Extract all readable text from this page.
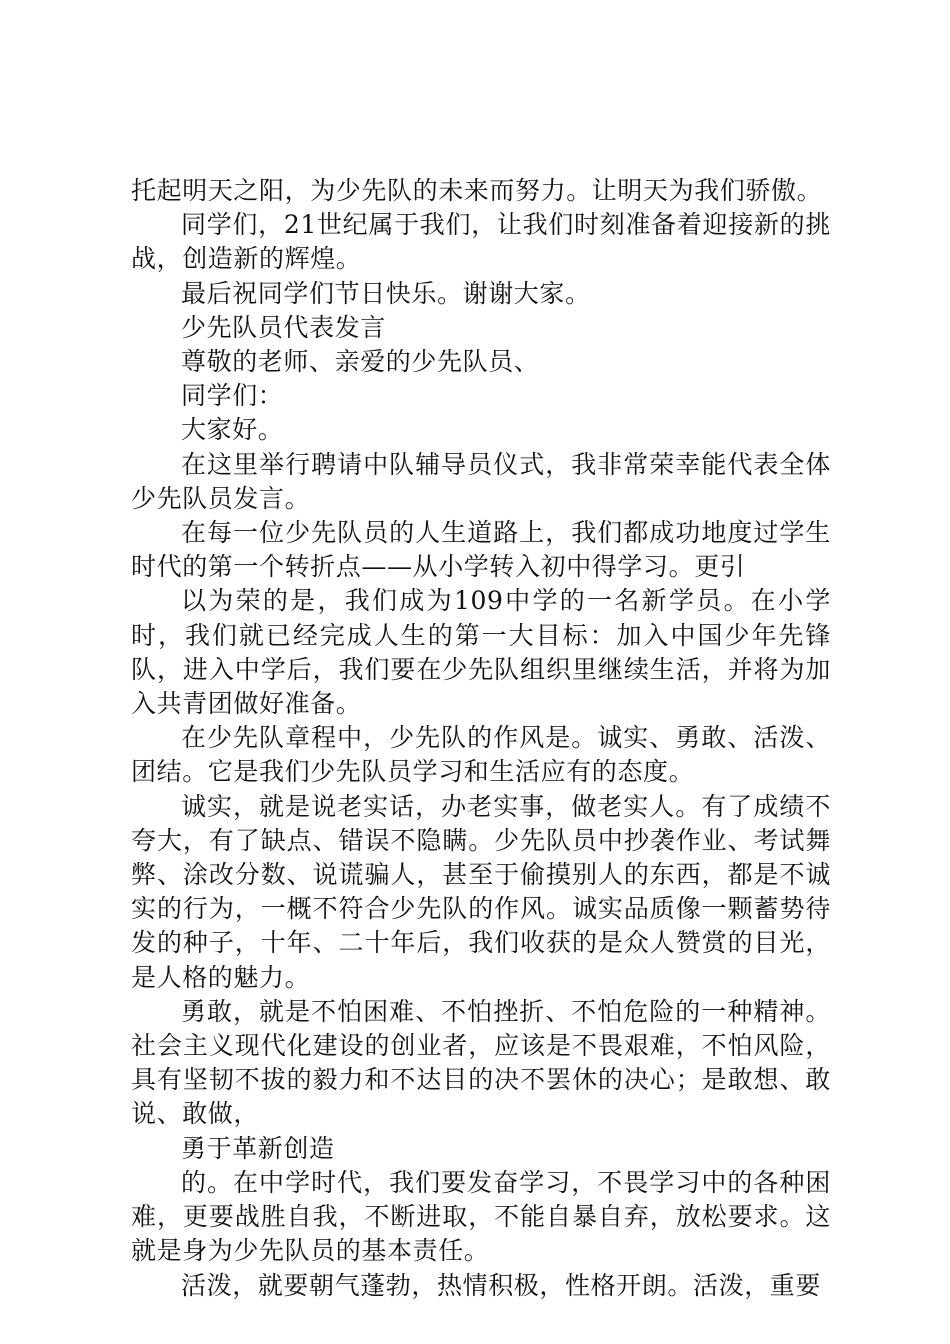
托起明天之阳，为少先队的未来而努力。让明天为我们骄傲。

同学们，21世纪属于我们，让我们时刻准备着迎接新的挑战，创造新的辉煌。

最后祝同学们节日快乐。谢谢大家。

少先队员代表发言

尊敬的老师、亲爱的少先队员、

同学们：

大家好。

在这里举行聘请中队辅导员仪式，我非常荣幸能代表全体少先队员发言。

在每一位少先队员的人生道路上，我们都成功地度过学生时代的第一个转折点——从小学转入初中得学习。更引

以为荣的是，我们成为109中学的一名新学员。在小学时，我们就已经完成人生的第一大目标：加入中国少年先锋队，进入中学后，我们要在少先队组织里继续生活，并将为加入共青团做好准备。

在少先队章程中，少先队的作风是。诚实、勇敢、活泼、团结。它是我们少先队员学习和生活应有的态度。

诚实，就是说老实话，办老实事，做老实人。有了成绩不夸大，有了缺点、错误不隐瞒。少先队员中抄袭作业、考试舞弊、涂改分数、说谎骗人，甚至于偷摸别人的东西，都是不诚实的行为，一概不符合少先队的作风。诚实品质像一颗蓄势待发的种子，十年、二十年后，我们收获的是众人赞赏的目光，是人格的魅力。

勇敢，就是不怕困难、不怕挫折、不怕危险的一种精神。社会主义现代化建设的创业者，应该是不畏艰难，不怕风险，具有坚韧不拔的毅力和不达目的决不罢休的决心；是敢想、敢说、敢做，

勇于革新创造

的。在中学时代，我们要发奋学习，不畏学习中的各种困难，更要战胜自我，不断进取，不能自暴自弃，放松要求。这就是身为少先队员的基本责任。

活泼，就要朝气蓬勃，热情积极，性格开朗。活泼，重要
